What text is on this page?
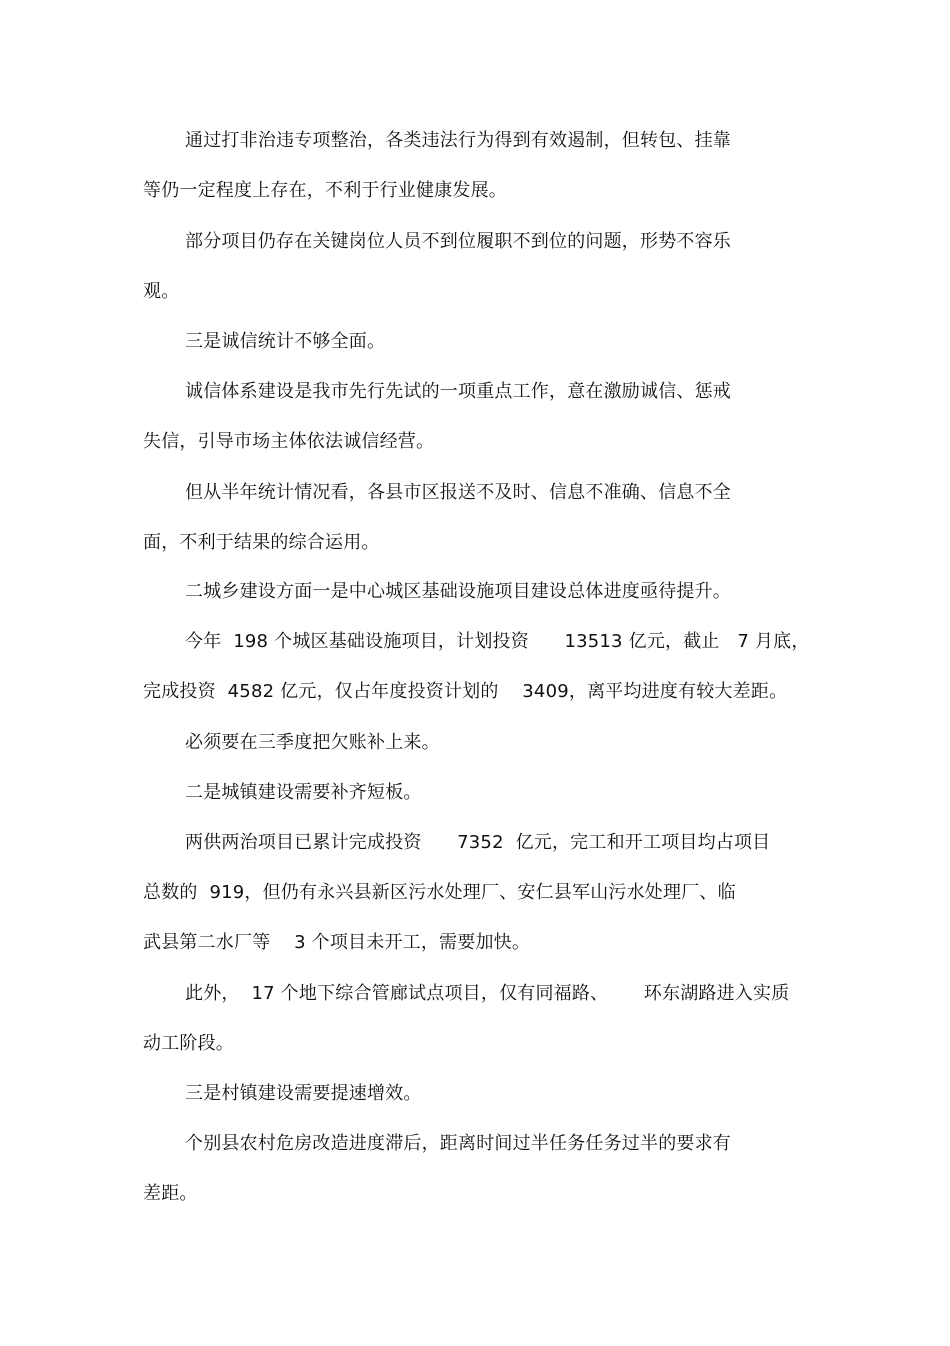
通过打非治违专项整治，各类违法行为得到有效遏制，但转包、挂靠
等仍一定程度上存在，不利于行业健康发展。
部分项目仍存在关键岗位人员不到位履职不到位的问题，形势不容乐
观。
三是诚信统计不够全面。
诚信体系建设是我市先行先试的一项重点工作，意在激励诚信、惩戒
失信，引导市场主体依法诚信经营。
但从半年统计情况看，各县市区报送不及时、信息不准确、信息不全
面，不利于结果的综合运用。
二城乡建设方面一是中心城区基础设施项目建设总体进度亟待提升。
今年  198 个城区基础设施项目，计划投资      13513 亿元，截止   7 月底，
完成投资  4582 亿元，仅占年度投资计划的    3409，离平均进度有较大差距。
必须要在三季度把欠账补上来。
二是城镇建设需要补齐短板。
两供两治项目已累计完成投资      7352  亿元，完工和开工项目均占项目
总数的  919，但仍有永兴县新区污水处理厂、安仁县军山污水处理厂、临
武县第二水厂等    3 个项目未开工，需要加快。
此外，  17 个地下综合管廊试点项目，仅有同福路、      环东湖路进入实质
动工阶段。
三是村镇建设需要提速增效。
个别县农村危房改造进度滞后，距离时间过半任务任务过半的要求有
差距。
